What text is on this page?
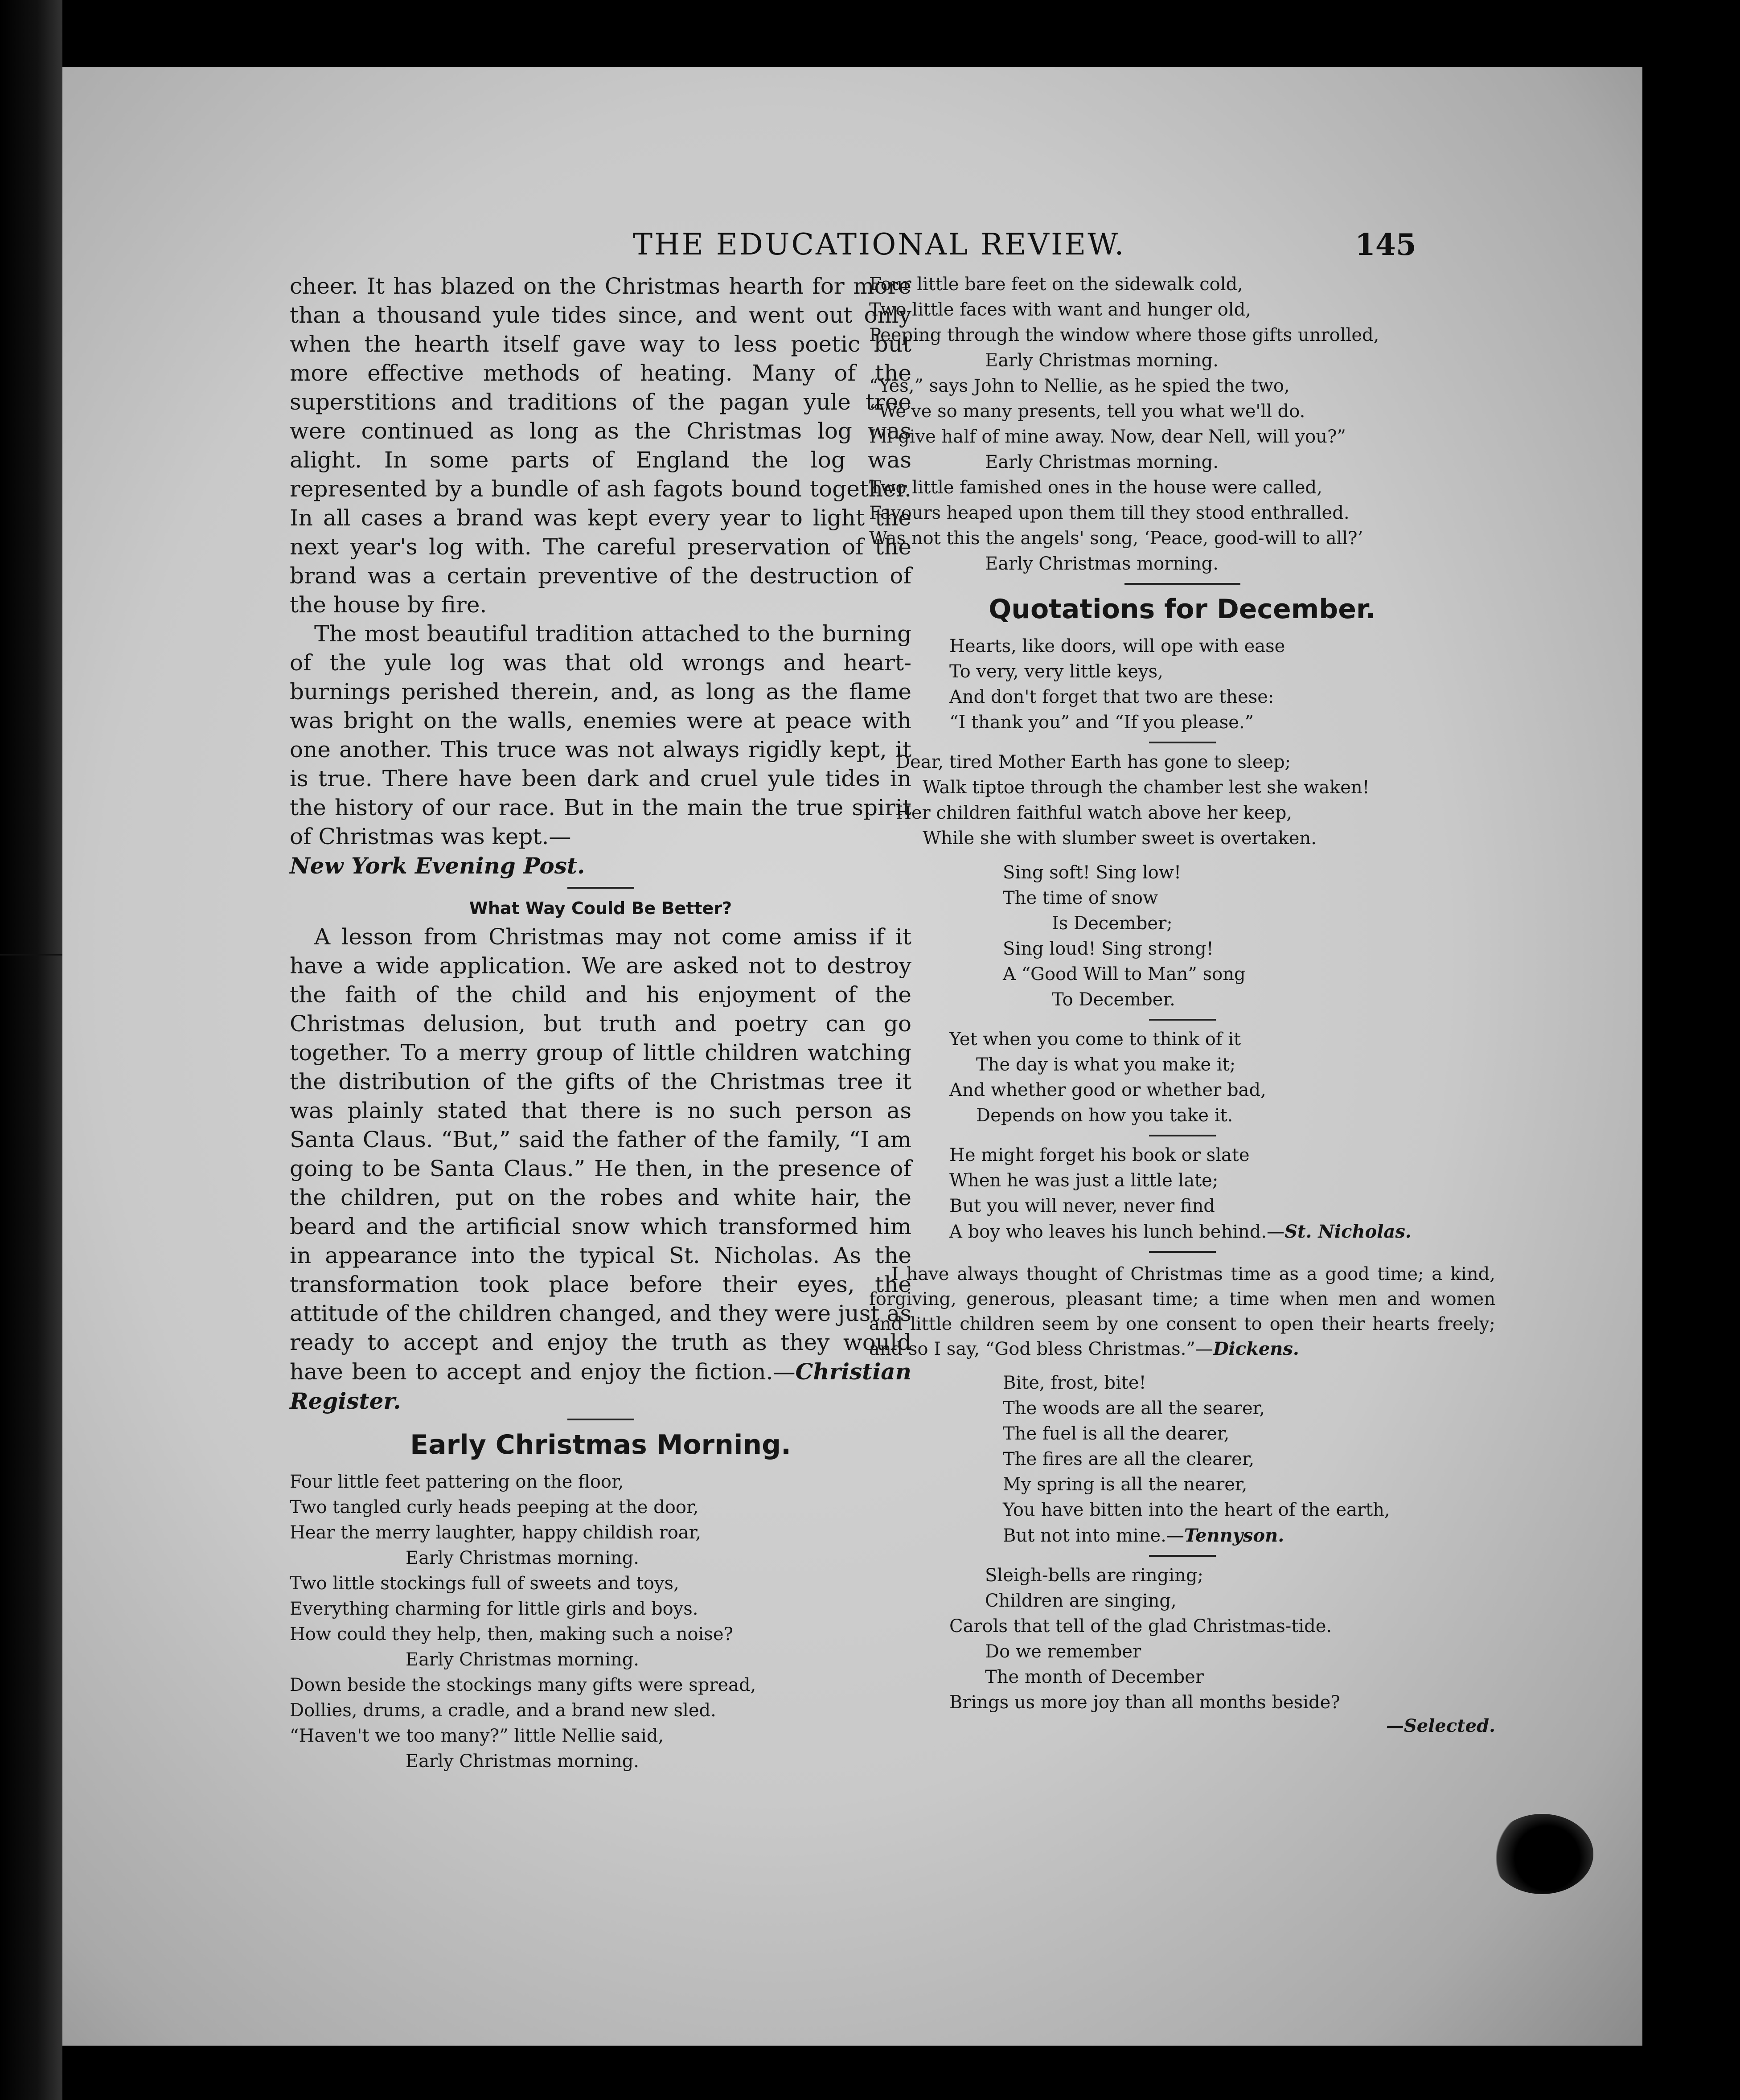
THE EDUCATIONAL REVIEW.	145

cheer. It has blazed on the Christmas hearth for more than a thousand yule tides since, and went out only when the hearth itself gave way to less poetic but more effective methods of heating. Many of the superstitions and traditions of the pagan yule tree were continued as long as the Christmas log was alight. In some parts of England the log was represented by a bundle of ash fagots bound together. In all cases a brand was kept every year to light the next year's log with. The careful preservation of the brand was a certain preventive of the destruction of the house by fire.

The most beautiful tradition attached to the burning of the yule log was that old wrongs and heart-burnings perished therein, and, as long as the flame was bright on the walls, enemies were at peace with one another. This truce was not always rigidly kept, it is true. There have been dark and cruel yule tides in the history of our race. But in the main the true spirit of Christmas was kept.—
New York Evening Post.

What Way Could Be Better?

A lesson from Christmas may not come amiss if it have a wide application. We are asked not to destroy the faith of the child and his enjoyment of the Christmas delusion, but truth and poetry can go together. To a merry group of little children watching the distribution of the gifts of the Christmas tree it was plainly stated that there is no such person as Santa Claus. “But,” said the father of the family, “I am going to be Santa Claus.” He then, in the presence of the children, put on the robes and white hair, the beard and the artificial snow which transformed him in appearance into the typical St. Nicholas. As the transformation took place before their eyes, the attitude of the children changed, and they were just as ready to accept and enjoy the truth as they would have been to accept and enjoy the fiction.—Christian Register.

Early Christmas Morning.
Four little feet pattering on the floor,
Two tangled curly heads peeping at the door,
Hear the merry laughter, happy childish roar,
Early Christmas morning.
Two little stockings full of sweets and toys,
Everything charming for little girls and boys.
How could they help, then, making such a noise?
Early Christmas morning.
Down beside the stockings many gifts were spread,
Dollies, drums, a cradle, and a brand new sled.
“Haven't we too many?” little Nellie said,
Early Christmas morning.
Four little bare feet on the sidewalk cold,
Two little faces with want and hunger old,
Peeping through the window where those gifts unrolled,
Early Christmas morning.
“Yes,” says John to Nellie, as he spied the two,
“We've so many presents, tell you what we'll do.
I'll give half of mine away. Now, dear Nell, will you?”
Early Christmas morning.
Two little famished ones in the house were called,
Favours heaped upon them till they stood enthralled.
Was not this the angels' song, ‘Peace, good-will to all?’
Early Christmas morning.
Quotations for December.
Hearts, like doors, will ope with ease
To very, very little keys,
And don't forget that two are these:
“I thank you” and “If you please.”
Dear, tired Mother Earth has gone to sleep;
Walk tiptoe through the chamber lest she waken!
Her children faithful watch above her keep,
While she with slumber sweet is overtaken.
Sing soft! Sing low!
The time of snow
Is December;
Sing loud! Sing strong!
A “Good Will to Man” song
To December.
Yet when you come to think of it
The day is what you make it;
And whether good or whether bad,
Depends on how you take it.
He might forget his book or slate
When he was just a little late;
But you will never, never find
A boy who leaves his lunch behind.—St. Nicholas.

I have always thought of Christmas time as a good time; a kind, forgiving, generous, pleasant time; a time when men and women and little children seem by one consent to open their hearts freely; and so I say, “God bless Christmas.”—Dickens.

Bite, frost, bite!
The woods are all the searer,
The fuel is all the dearer,
The fires are all the clearer,
My spring is all the nearer,
You have bitten into the heart of the earth,
But not into mine.—Tennyson.
Sleigh-bells are ringing;
Children are singing,
Carols that tell of the glad Christmas-tide.
Do we remember
The month of December
Brings us more joy than all months beside?
—Selected.
